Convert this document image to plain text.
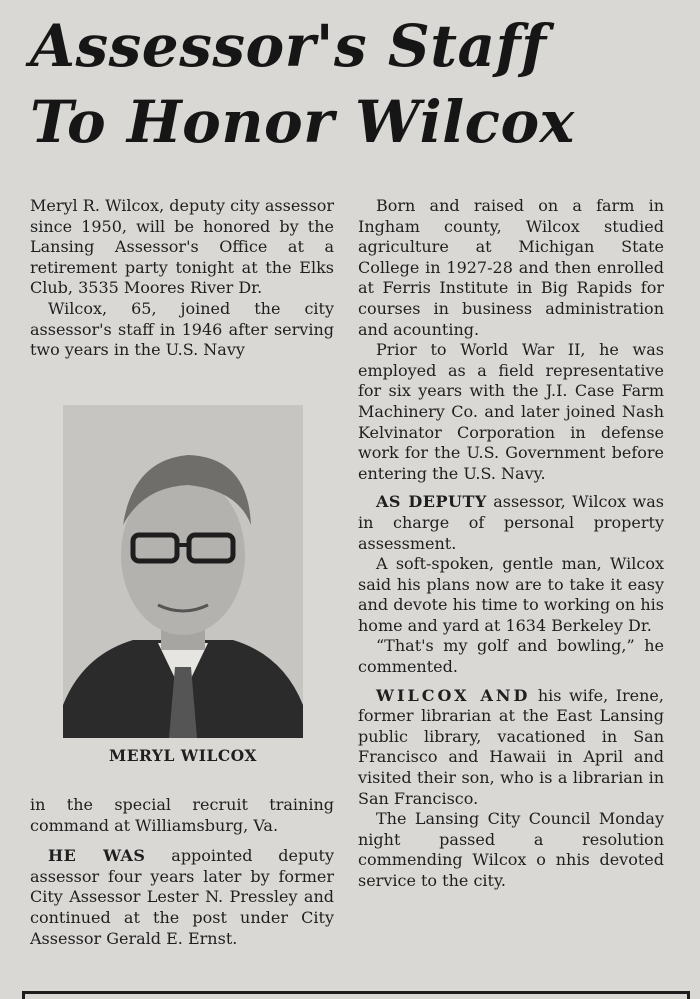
Assessor's Staff
To Honor Wilcox

Meryl R. Wilcox, deputy city assessor since 1950, will be honored by the Lansing Assessor's Office at a retirement party tonight at the Elks Club, 3535 Moores River Dr.

Wilcox, 65, joined the city assessor's staff in 1946 after serving two years in the U.S. Navy

MERYL WILCOX

in the special recruit training command at Williamsburg, Va.

HE WAS appointed deputy assessor four years later by former City Assessor Lester N. Pressley and continued at the post under City Assessor Gerald E. Ernst.

Born and raised on a farm in Ingham county, Wilcox studied agriculture at Michigan State College in 1927-28 and then enrolled at Ferris Institute in Big Rapids for courses in business administration and acounting.

Prior to World War II, he was employed as a field representative for six years with the J.I. Case Farm Machinery Co. and later joined Nash Kelvinator Corporation in defense work for the U.S. Government before entering the U.S. Navy.

AS DEPUTY assessor, Wilcox was in charge of personal property assessment.

A soft-spoken, gentle man, Wilcox said his plans now are to take it easy and devote his time to working on his home and yard at 1634 Berkeley Dr.

“That's my golf and bowling,” he commented.

WILCOX AND his wife, Irene, former librarian at the East Lansing public library, vacationed in San Francisco and Hawaii in April and visited their son, who is a librarian in San Francisco.

The Lansing City Council Monday night passed a resolution commending Wilcox o nhis devoted service to the city.
